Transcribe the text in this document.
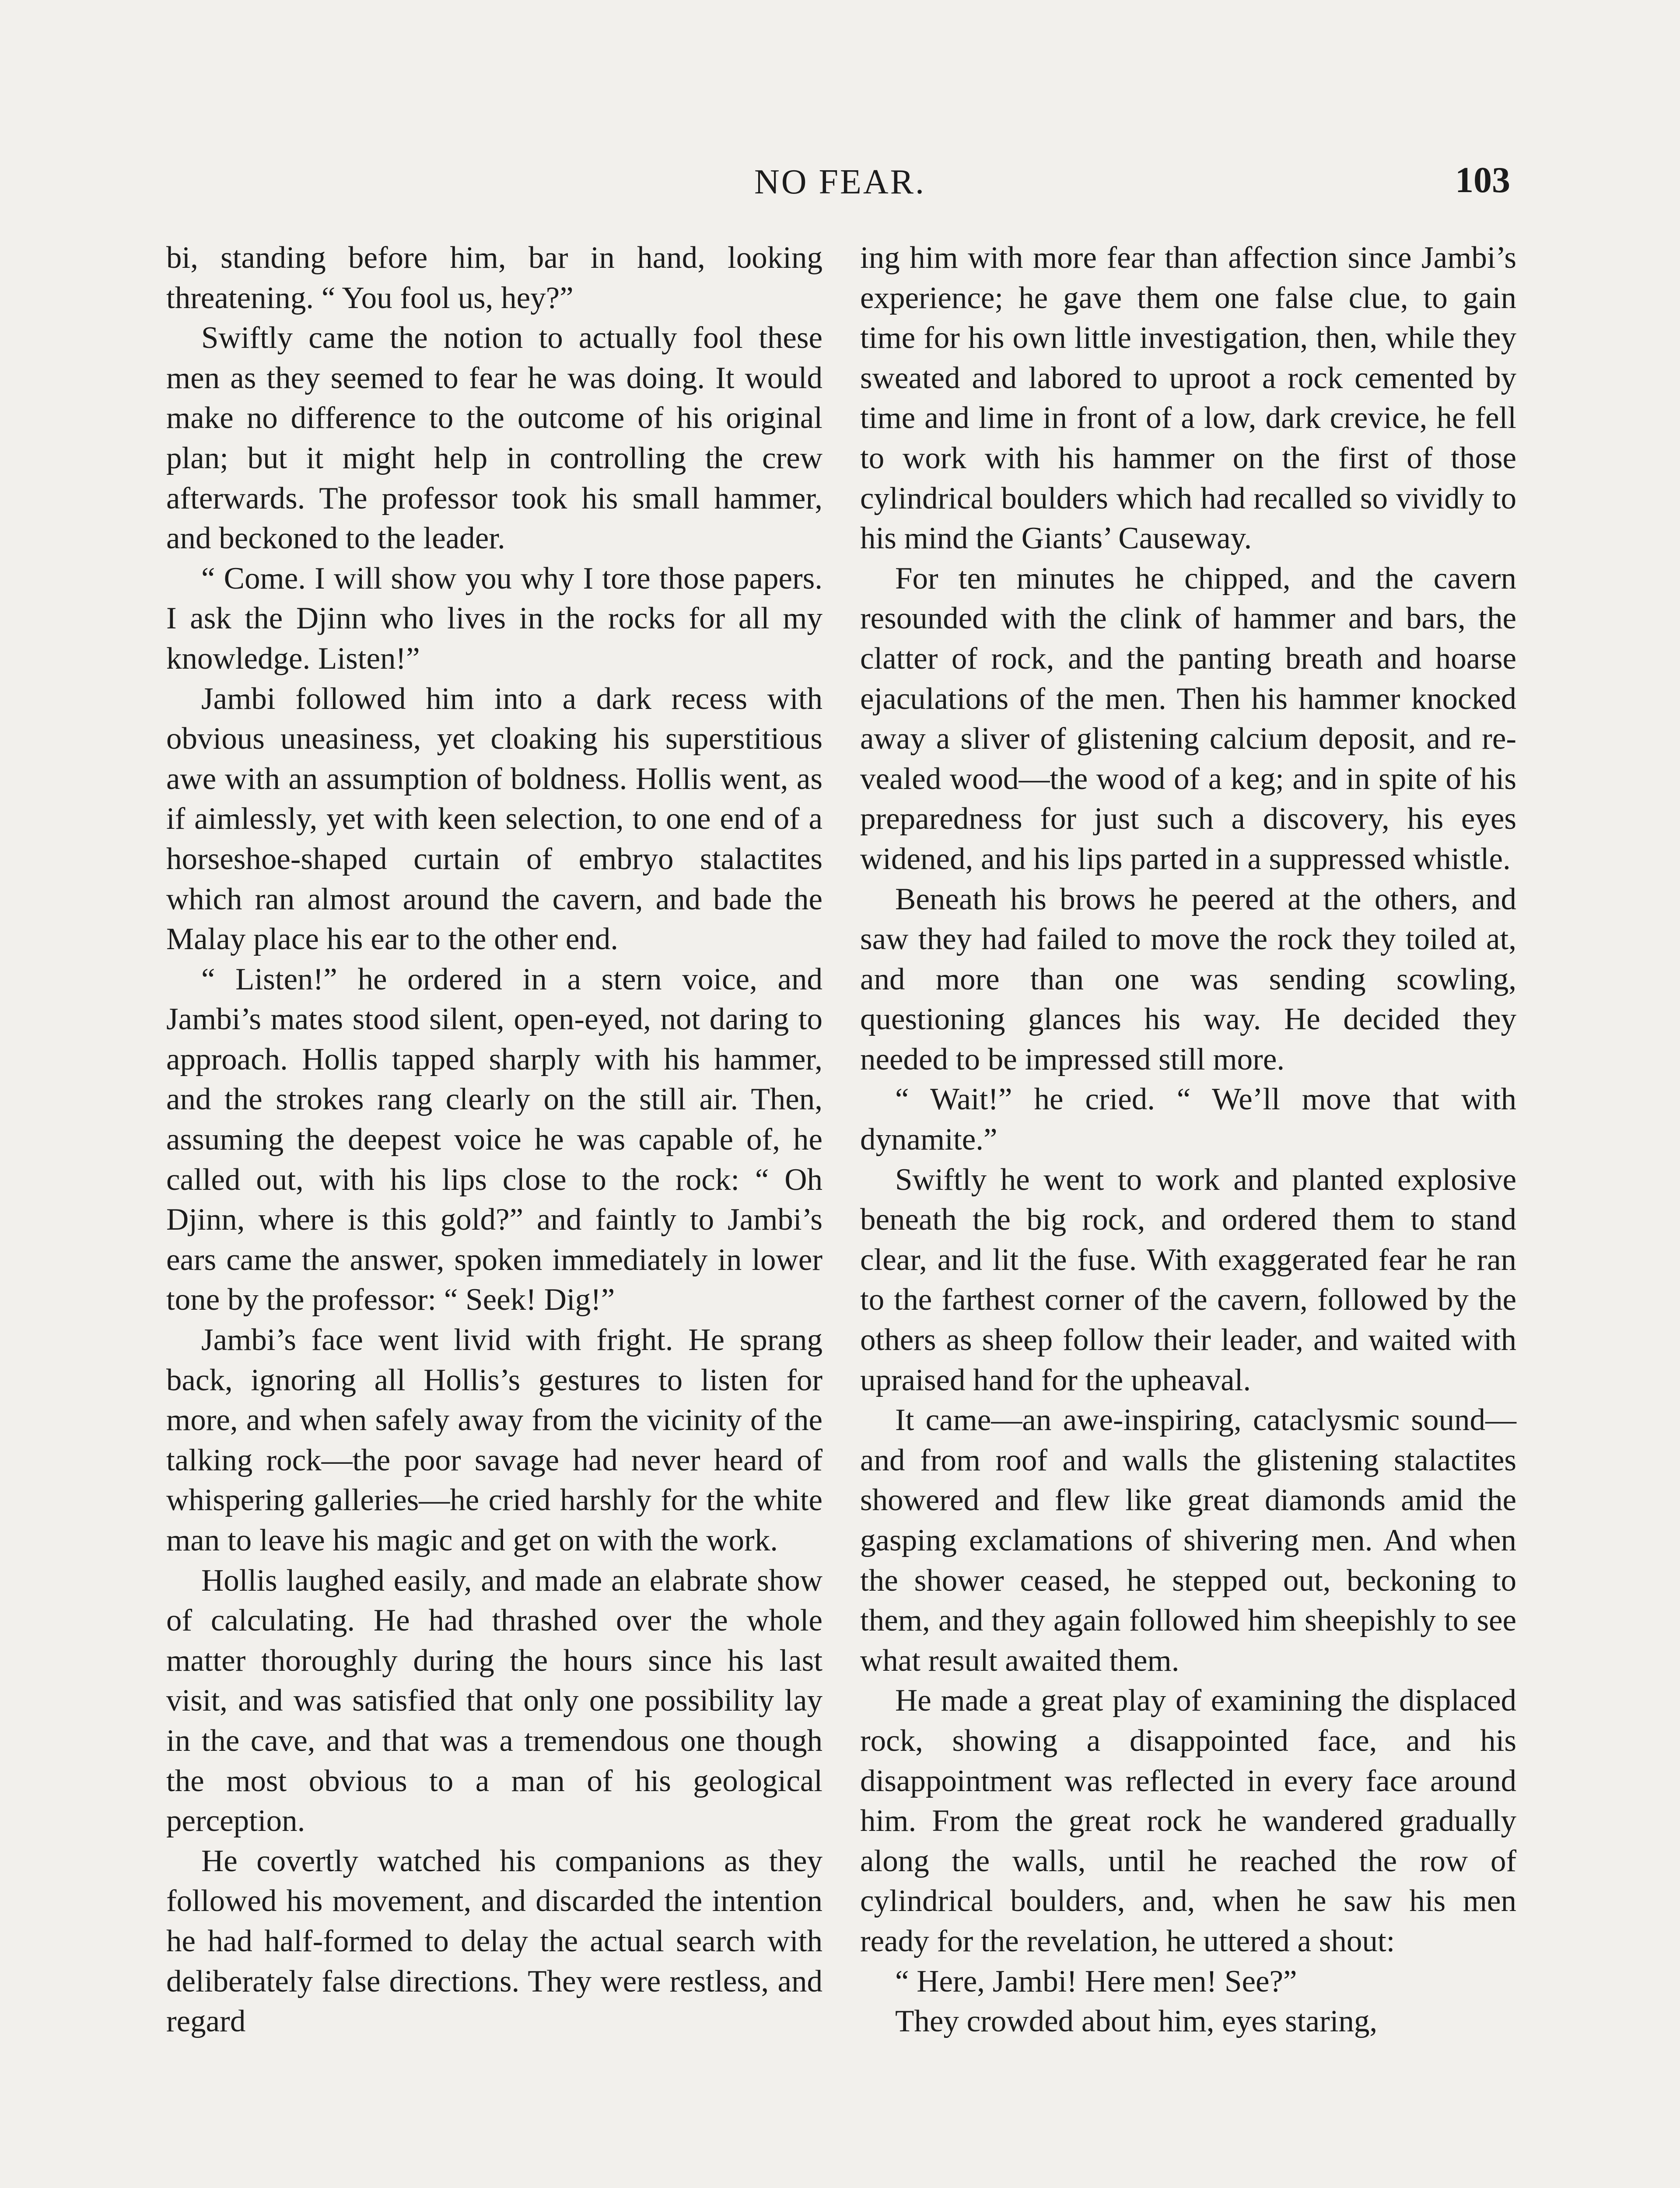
NO FEAR.	103

bi, standing before him, bar in hand, looking threatening. “ You fool us, hey?”

Swiftly came the notion to actually fool these men as they seemed to fear he was doing. It would make no difference to the outcome of his original plan; but it might help in controlling the crew afterwards. The professor took his small hammer, and beckoned to the leader.

“ Come. I will show you why I tore those papers. I ask the Djinn who lives in the rocks for all my knowledge. Listen!”

Jambi followed him into a dark recess with obvious uneasiness, yet cloaking his superstitious awe with an assumption of boldness. Hollis went, as if aimlessly, yet with keen selection, to one end of a horseshoe-shaped curtain of embryo stalactites which ran almost around the cavern, and bade the Malay place his ear to the other end.

“ Listen!” he ordered in a stern voice, and Jambi’s mates stood silent, open-eyed, not daring to approach. Hollis tapped sharply with his hammer, and the strokes rang clearly on the still air. Then, assuming the deepest voice he was capable of, he called out, with his lips close to the rock: “ Oh Djinn, where is this gold?” and faintly to Jambi’s ears came the answer, spoken immediately in lower tone by the professor: “ Seek! Dig!”

Jambi’s face went livid with fright. He sprang back, ignoring all Hollis’s gestures to listen for more, and when safely away from the vicinity of the talking rock—the poor savage had never heard of whispering galleries—he cried harshly for the white man to leave his magic and get on with the work.

Hollis laughed easily, and made an elabrate show of calculating. He had thrashed over the whole matter thoroughly during the hours since his last visit, and was satisfied that only one possibility lay in the cave, and that was a tremendous one though the most obvious to a man of his geological perception.

He covertly watched his companions as they followed his movement, and discarded the intention he had half-formed to delay the actual search with deliberately false directions. They were restless, and regard

ing him with more fear than affection since Jambi’s experience; he gave them one false clue, to gain time for his own little investigation, then, while they sweated and labored to uproot a rock cemented by time and lime in front of a low, dark crevice, he fell to work with his hammer on the first of those cylindrical boulders which had recalled so vividly to his mind the Giants’ Causeway.

For ten minutes he chipped, and the cavern resounded with the clink of hammer and bars, the clatter of rock, and the panting breath and hoarse ejaculations of the men. Then his hammer knocked away a sliver of glistening calcium deposit, and revealed wood—the wood of a keg; and in spite of his preparedness for just such a discovery, his eyes widened, and his lips parted in a suppressed whistle.

Beneath his brows he peered at the others, and saw they had failed to move the rock they toiled at, and more than one was sending scowling, questioning glances his way. He decided they needed to be impressed still more.

“ Wait!” he cried. “ We’ll move that with dynamite.”

Swiftly he went to work and planted explosive beneath the big rock, and ordered them to stand clear, and lit the fuse. With exaggerated fear he ran to the farthest corner of the cavern, followed by the others as sheep follow their leader, and waited with upraised hand for the upheaval.

It came—an awe-inspiring, cataclysmic sound—and from roof and walls the glistening stalactites showered and flew like great diamonds amid the gasping exclamations of shivering men. And when the shower ceased, he stepped out, beckoning to them, and they again followed him sheepishly to see what result awaited them.

He made a great play of examining the displaced rock, showing a disappointed face, and his disappointment was reflected in every face around him. From the great rock he wandered gradually along the walls, until he reached the row of cylindrical boulders, and, when he saw his men ready for the revelation, he uttered a shout:

“ Here, Jambi! Here men! See?”

They crowded about him, eyes staring,
